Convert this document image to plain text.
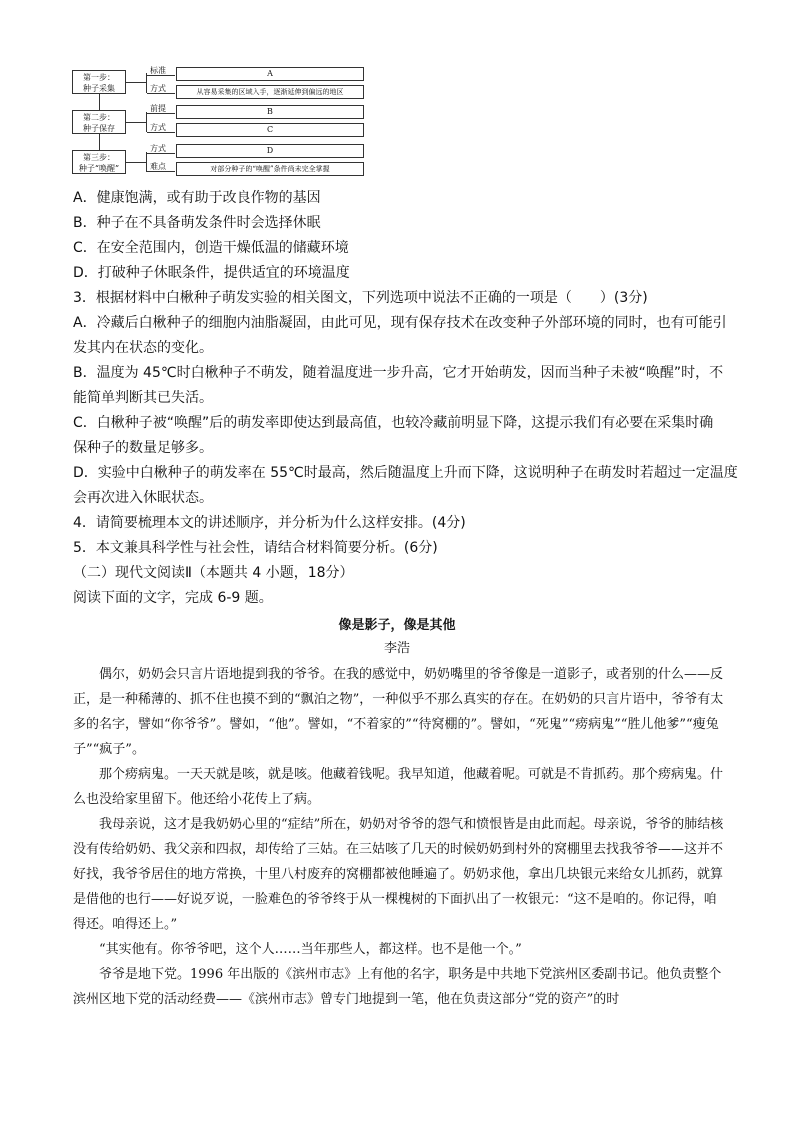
第一步：
种子采集
第二步：
种子保存
第三步：
种子“唤醒”
标准
方式
前提
方式
方式
难点
A
从容易采集的区域入手，逐渐延伸到偏远的地区
B
C
D
对部分种子的“唤醒”条件尚未完全掌握
A．健康饱满，或有助于改良作物的基因
B．种子在不具备萌发条件时会选择休眠
C．在安全范围内，创造干燥低温的储藏环境
D．打破种子休眠条件，提供适宜的环境温度
3．根据材料中白楸种子萌发实验的相关图文，下列选项中说法不正确的一项是（　　）(3分)
A．冷藏后白楸种子的细胞内油脂凝固，由此可见，现有保存技术在改变种子外部环境的同时，也有可能引
发其内在状态的变化。
B．温度为 45℃时白楸种子不萌发，随着温度进一步升高，它才开始萌发，因而当种子未被“唤醒”时，不
能简单判断其已失活。
C．白楸种子被“唤醒”后的萌发率即使达到最高值，也较冷藏前明显下降，这提示我们有必要在采集时确
保种子的数量足够多。
D．实验中白楸种子的萌发率在 55℃时最高，然后随温度上升而下降，这说明种子在萌发时若超过一定温度
会再次进入休眠状态。
4．请简要梳理本文的讲述顺序，并分析为什么这样安排。(4分)
5．本文兼具科学性与社会性，请结合材料简要分析。(6分)
（二）现代文阅读Ⅱ（本题共 4 小题，18分）
阅读下面的文字，完成 6-9 题。
像是影子，像是其他
李浩
偶尔，奶奶会只言片语地提到我的爷爷。在我的感觉中，奶奶嘴里的爷爷像是一道影子，或者别的什么——反正，是一种稀薄的、抓不住也摸不到的“飘泊之物”，一种似乎不那么真实的存在。在奶奶的只言片语中，爷爷有太多的名字，譬如“你爷爷”。譬如，“他”。譬如，“不着家的”“待窝棚的”。譬如，“死鬼”“痨病鬼”“胜儿他爹”“瘦兔子”“疯子”。
那个痨病鬼。一天天就是咳，就是咳。他藏着钱呢。我早知道，他藏着呢。可就是不肯抓药。那个痨病鬼。什么也没给家里留下。他还给小花传上了病。
我母亲说，这才是我奶奶心里的“症结”所在，奶奶对爷爷的怨气和愤恨皆是由此而起。母亲说，爷爷的肺结核没有传给奶奶、我父亲和四叔，却传给了三姑。在三姑咳了几天的时候奶奶到村外的窝棚里去找我爷爷——这并不好找，我爷爷居住的地方常换，十里八村废弃的窝棚都被他睡遍了。奶奶求他，拿出几块银元来给女儿抓药，就算是借他的也行——好说歹说，一脸难色的爷爷终于从一棵槐树的下面扒出了一枚银元：“这不是咱的。你记得，咱得还。咱得还上。”
“其实他有。你爷爷吧，这个人……当年那些人，都这样。也不是他一个。”
爷爷是地下党。1996 年出版的《滨州市志》上有他的名字，职务是中共地下党滨州区委副书记。他负责整个滨州区地下党的活动经费——《滨州市志》曾专门地提到一笔，他在负责这部分“党的资产”的时
